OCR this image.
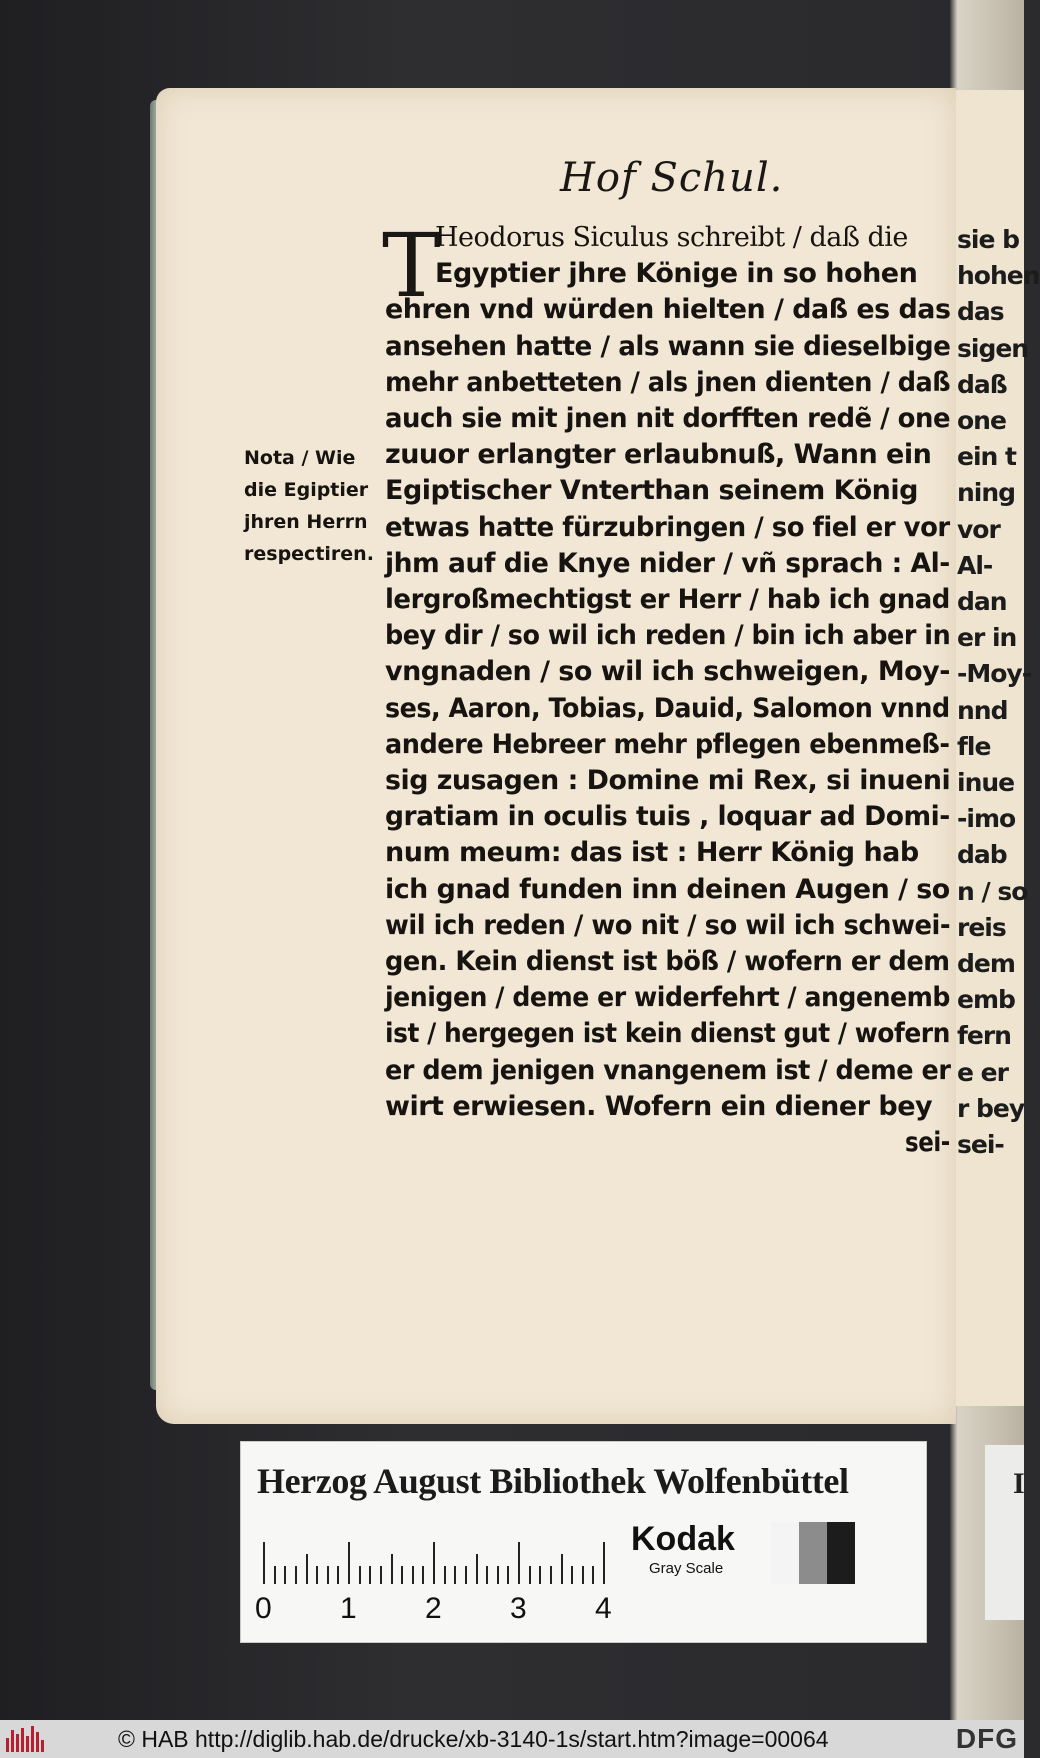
sie b
hohen
das
sigen
daß
one
ein t
ning
vor
Al-
dan
er in
-Moy-
nnd
fle
inue
-imo
dab
n / so
reis
dem
emb
fern
e er
r bey
sei-
Hof Schul.
T
Heodorus Siculus schreibt / daß die
Egyptier jhre Könige in so hohen
ehren vnd würden hielten / daß es das
ansehen hatte / als wann sie dieselbige
mehr anbetteten / als jnen dienten / daß
auch sie mit jnen nit dorfften redẽ / one
zuuor erlangter erlaubnuß, Wann ein
Egiptischer Vnterthan seinem König
etwas hatte fürzubringen / so fiel er vor
jhm auf die Knye nider / vñ sprach : Al-
lergroßmechtigst er Herr / hab ich gnad
bey dir / so wil ich reden / bin ich aber in
vngnaden / so wil ich schweigen, Moy-
ses, Aaron, Tobias, Dauid, Salomon vnnd
andere Hebreer mehr pflegen ebenmeß-
sig zusagen : Domine mi Rex, si inueni
gratiam in oculis tuis , loquar ad Domi-
num meum: das ist : Herr König hab
ich gnad funden inn deinen Augen / so
wil ich reden / wo nit / so wil ich schwei-
gen. Kein dienst ist böß / wofern er dem
jenigen / deme er widerfehrt / angenemb
ist / hergegen ist kein dienst gut / wofern
er dem jenigen vnangenem ist / deme er
wirt erwiesen. Wofern ein diener bey
sei-
Nota / Wie
die Egiptier
jhren Herrn
respectiren.
Herzog August Bibliothek Wolfenbüttel
0 1 2 3 4
Kodak
Gray Scale
I
© HAB http://diglib.hab.de/drucke/xb-3140-1s/start.htm?image=00064	DFG
